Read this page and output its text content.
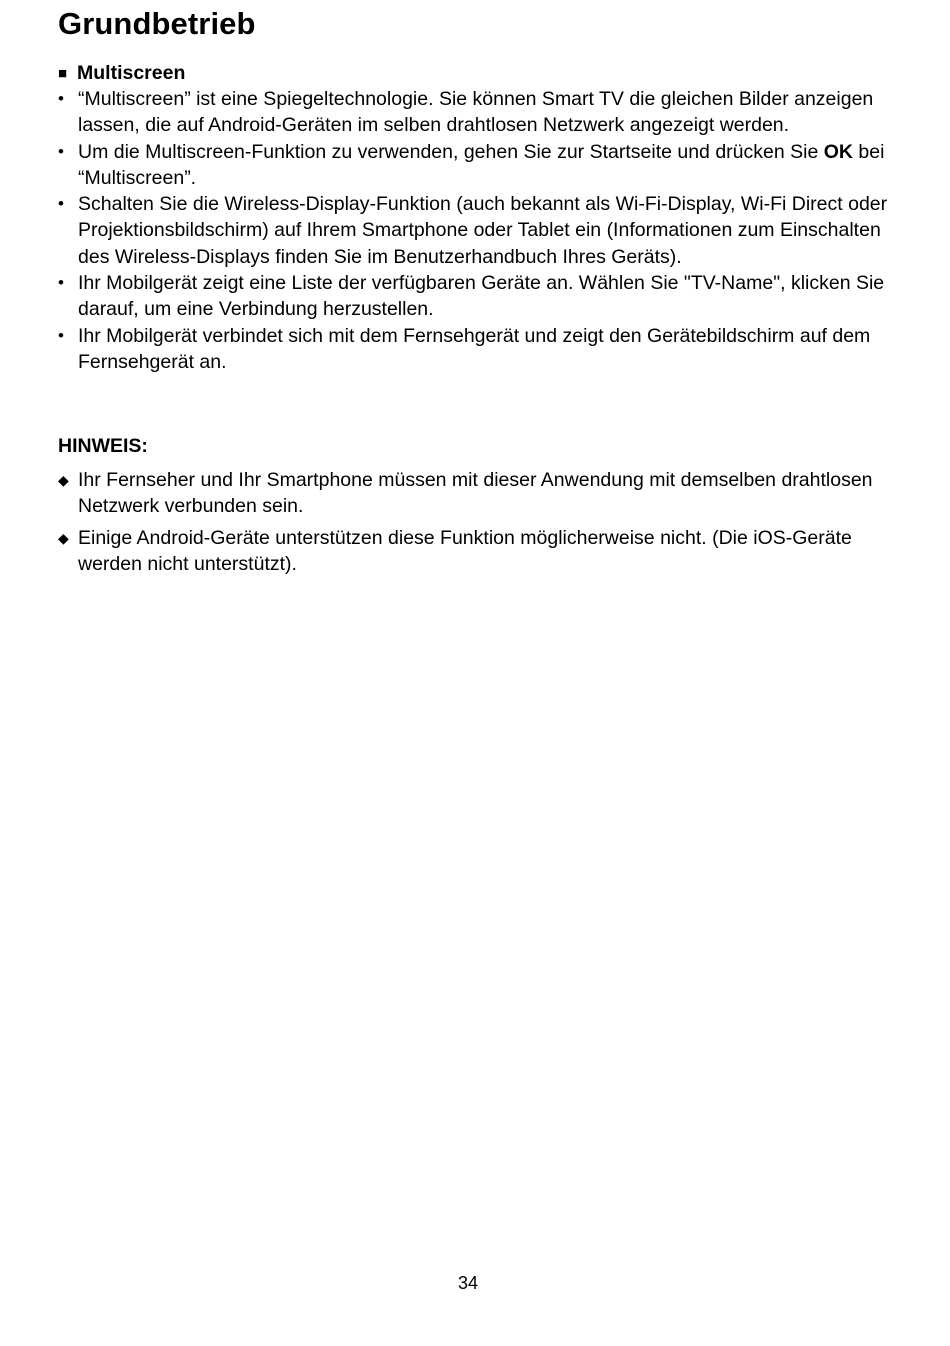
Grundbetrieb
■ Multiscreen
• “Multiscreen” ist eine Spiegeltechnologie. Sie können Smart TV die gleichen Bilder anzeigen lassen, die auf Android-Geräten im selben drahtlosen Netzwerk angezeigt werden.
• Um die Multiscreen-Funktion zu verwenden, gehen Sie zur Startseite und drücken Sie OK bei “Multiscreen”.
• Schalten Sie die Wireless-Display-Funktion (auch bekannt als Wi-Fi-Display, Wi-Fi Direct oder Projektionsbildschirm) auf Ihrem Smartphone oder Tablet ein (Informationen zum Einschalten des Wireless-Displays finden Sie im Benutzerhandbuch Ihres Geräts).
• Ihr Mobilgerät zeigt eine Liste der verfügbaren Geräte an. Wählen Sie "TV-Name", klicken Sie darauf, um eine Verbindung herzustellen.
• Ihr Mobilgerät verbindet sich mit dem Fernsehgerät und zeigt den Gerätebildschirm auf dem Fernsehgerät an.
HINWEIS:
◆ Ihr Fernseher und Ihr Smartphone müssen mit dieser Anwendung mit demselben drahtlosen Netzwerk verbunden sein.
◆ Einige Android-Geräte unterstützen diese Funktion möglicherweise nicht. (Die iOS-Geräte werden nicht unterstützt).
34
